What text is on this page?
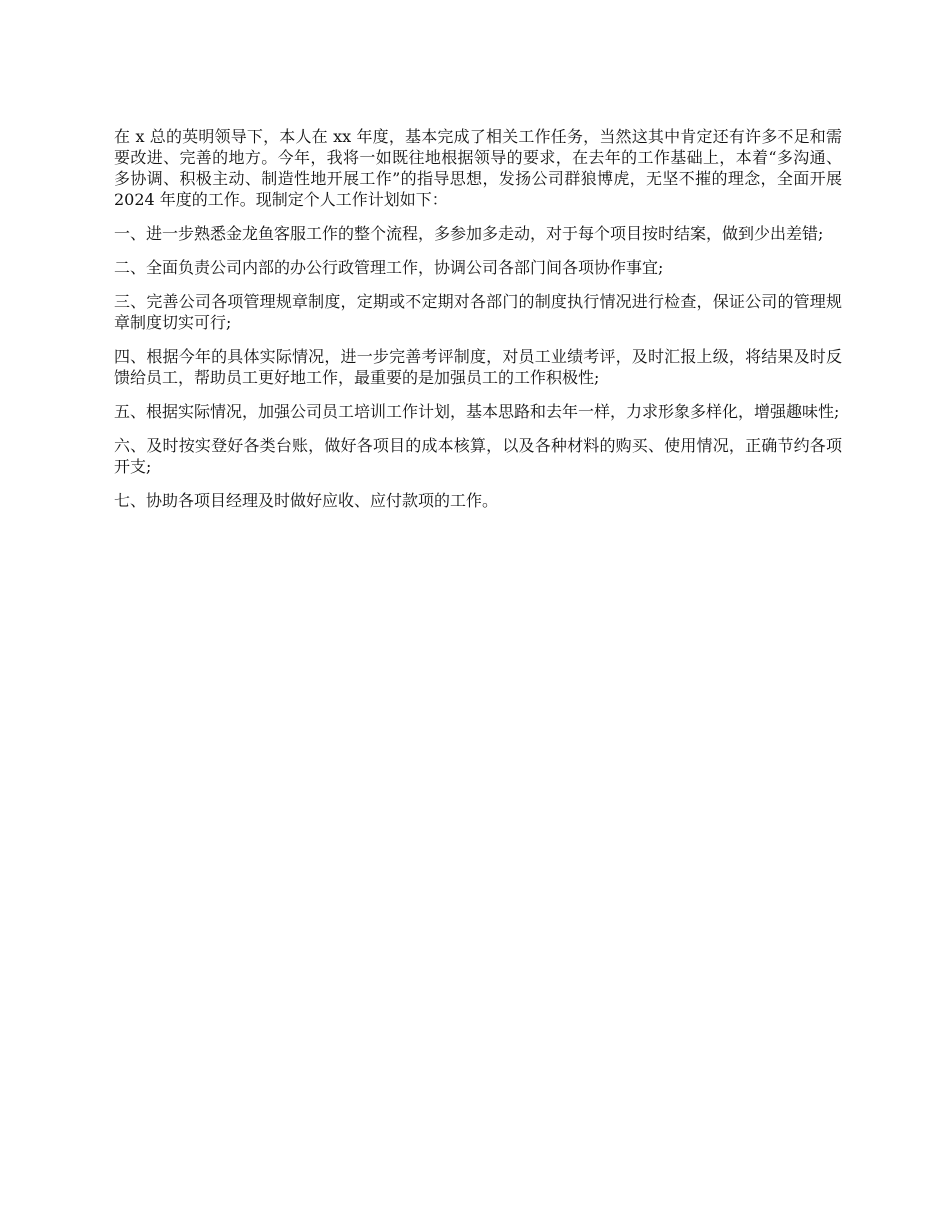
在 x 总的英明领导下，本人在 xx 年度，基本完成了相关工作任务，当然这其中肯定还有许多不足和需要改进、完善的地方。今年，我将一如既往地根据领导的要求，在去年的工作基础上，本着“多沟通、多协调、积极主动、制造性地开展工作”的指导思想，发扬公司群狼博虎，无坚不摧的理念，全面开展 2024 年度的工作。现制定个人工作计划如下：

一、进一步熟悉金龙鱼客服工作的整个流程，多参加多走动，对于每个项目按时结案，做到少出差错;

二、全面负责公司内部的办公行政管理工作，协调公司各部门间各项协作事宜;

三、完善公司各项管理规章制度，定期或不定期对各部门的制度执行情况进行检查，保证公司的管理规章制度切实可行;

四、根据今年的具体实际情况，进一步完善考评制度，对员工业绩考评，及时汇报上级，将结果及时反馈给员工，帮助员工更好地工作，最重要的是加强员工的工作积极性;

五、根据实际情况，加强公司员工培训工作计划，基本思路和去年一样，力求形象多样化，增强趣味性;

六、及时按实登好各类台账，做好各项目的成本核算，以及各种材料的购买、使用情况，正确节约各项开支;

七、协助各项目经理及时做好应收、应付款项的工作。
